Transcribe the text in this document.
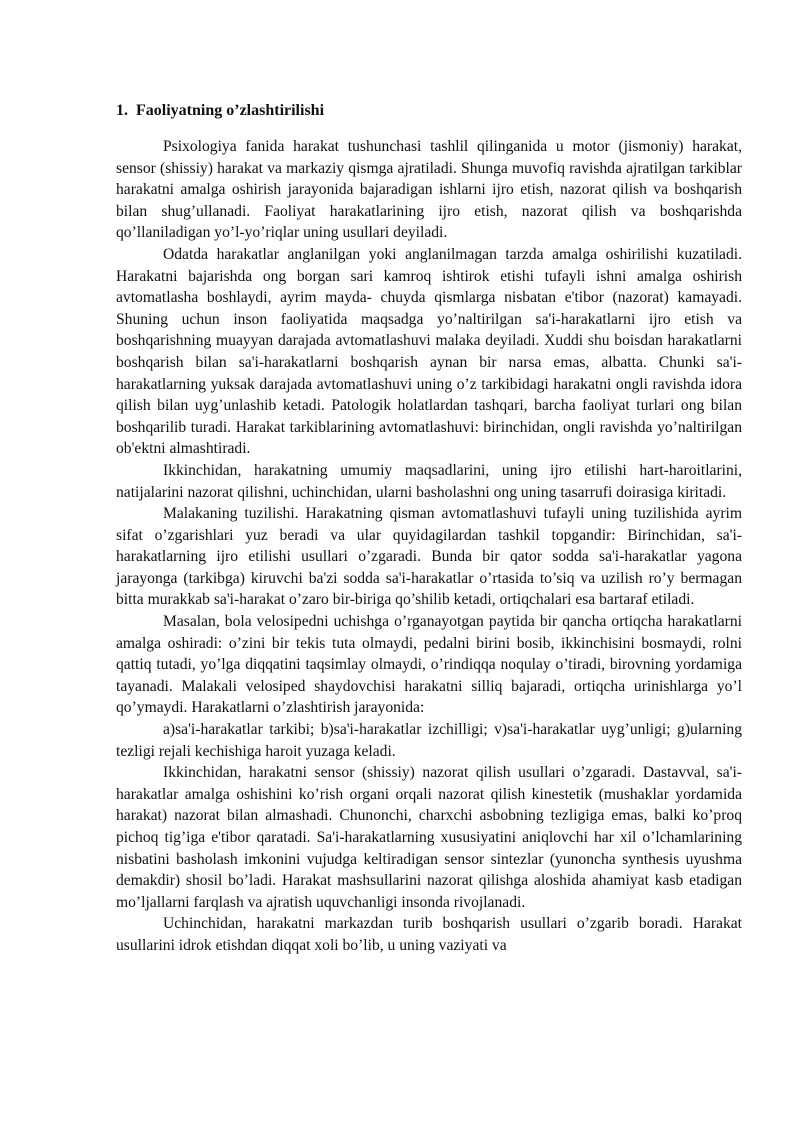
1. Faoliyatning o’zlashtirilishi

Psixologiya fanida harakat tushunchasi tashlil qilinganida u motor (jismoniy) harakat, sensor (shissiy) harakat va markaziy qismga ajratiladi. Shunga muvofiq ravishda ajratilgan tarkiblar harakatni amalga oshirish jarayonida bajaradigan ishlarni ijro etish, nazorat qilish va boshqarish bilan shug’ullanadi. Faoliyat harakatlarining ijro etish, nazorat qilish va boshqarishda qo’llaniladigan yo’l-yo’riqlar uning usullari deyiladi.

Odatda harakatlar anglanilgan yoki anglanilmagan tarzda amalga oshirilishi kuzatiladi. Harakatni bajarishda ong borgan sari kamroq ishtirok etishi tufayli ishni amalga oshirish avtomatlasha boshlaydi, ayrim mayda- chuyda qismlarga nisbatan e'tibor (nazorat) kamayadi. Shuning uchun inson faoliyatida maqsadga yo’naltirilgan sa'i-harakatlarni ijro etish va boshqarishning muayyan darajada avtomatlashuvi malaka deyiladi. Xuddi shu boisdan harakatlarni boshqarish bilan sa'i-harakatlarni boshqarish aynan bir narsa emas, albatta. Chunki sa'i-harakatlarning yuksak darajada avtomatlashuvi uning o’z tarkibidagi harakatni ongli ravishda idora qilish bilan uyg’unlashib ketadi. Patologik holatlardan tashqari, barcha faoliyat turlari ong bilan boshqarilib turadi. Harakat tarkiblarining avtomatlashuvi: birinchidan, ongli ravishda yo’naltirilgan ob'ektni almashtiradi.

Ikkinchidan, harakatning umumiy maqsadlarini, uning ijro etilishi hart-haroitlarini, natijalarini nazorat qilishni, uchinchidan, ularni basholashni ong uning tasarrufi doirasiga kiritadi.

Malakaning tuzilishi. Harakatning qisman avtomatlashuvi tufayli uning tuzilishida ayrim sifat o’zgarishlari yuz beradi va ular quyidagilardan tashkil topgandir: Birinchidan, sa'i-harakatlarning ijro etilishi usullari o’zgaradi. Bunda bir qator sodda sa'i-harakatlar yagona jarayonga (tarkibga) kiruvchi ba'zi sodda sa'i-harakatlar o’rtasida to’siq va uzilish ro’y bermagan bitta murakkab sa'i-harakat o’zaro bir-biriga qo’shilib ketadi, ortiqchalari esa bartaraf etiladi.

Masalan, bola velosipedni uchishga o’rganayotgan paytida bir qancha ortiqcha harakatlarni amalga oshiradi: o’zini bir tekis tuta olmaydi, pedalni birini bosib, ikkinchisini bosmaydi, rolni qattiq tutadi, yo’lga diqqatini taqsimlay olmaydi, o’rindiqqa noqulay o’tiradi, birovning yordamiga tayanadi. Malakali velosiped shaydovchisi harakatni silliq bajaradi, ortiqcha urinishlarga yo’l qo’ymaydi. Harakatlarni o’zlashtirish jarayonida:

a)sa'i-harakatlar tarkibi; b)sa'i-harakatlar izchilligi; v)sa'i-harakatlar uyg’unligi; g)ularning tezligi rejali kechishiga haroit yuzaga keladi.

Ikkinchidan, harakatni sensor (shissiy) nazorat qilish usullari o’zgaradi. Dastavval, sa'i-harakatlar amalga oshishini ko’rish organi orqali nazorat qilish kinestetik (mushaklar yordamida harakat) nazorat bilan almashadi. Chunonchi, charxchi asbobning tezligiga emas, balki ko’proq pichoq tig’iga e'tibor qaratadi. Sa'i-harakatlarning xususiyatini aniqlovchi har xil o’lchamlarining nisbatini basholash imkonini vujudga keltiradigan sensor sintezlar (yunoncha synthesis uyushma demakdir) shosil bo’ladi. Harakat mashsullarini nazorat qilishga aloshida ahamiyat kasb etadigan mo’ljallarni farqlash va ajratish uquvchanligi insonda rivojlanadi.

Uchinchidan, harakatni markazdan turib boshqarish usullari o’zgarib boradi. Harakat usullarini idrok etishdan diqqat xoli bo’lib, u uning vaziyati va
